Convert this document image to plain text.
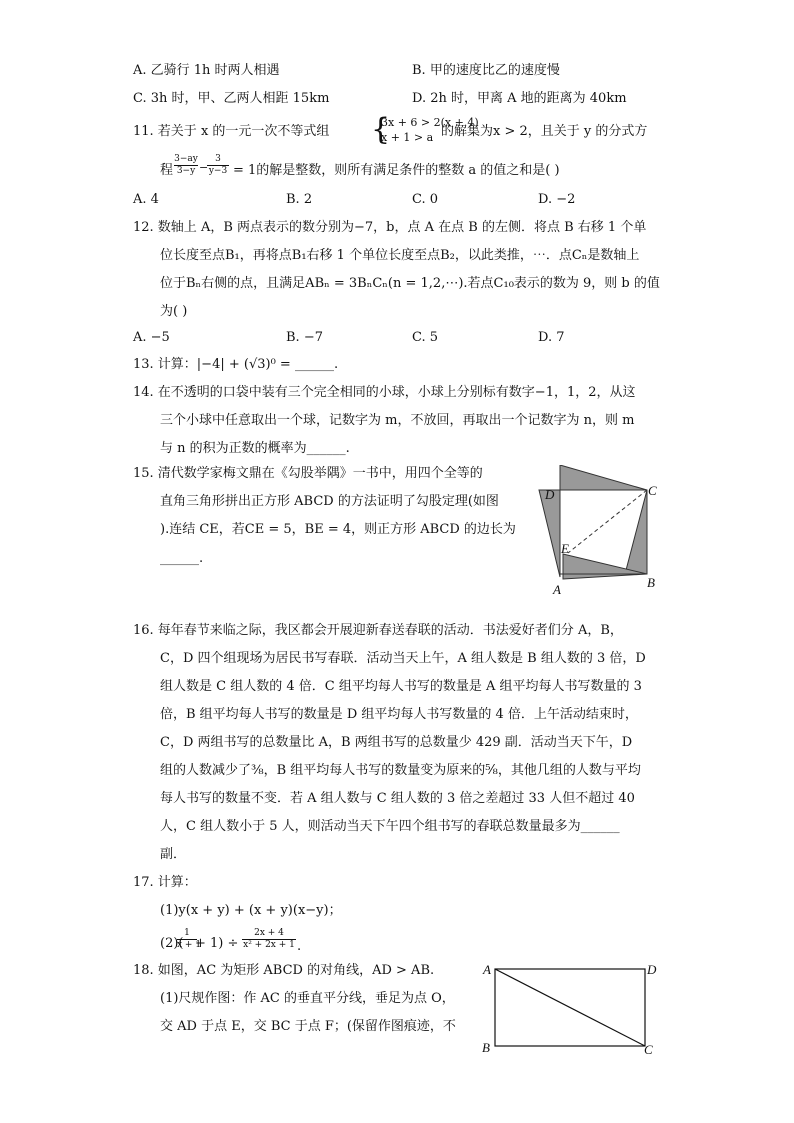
A. 乙骑行 1h 时两人相遇	B. 甲的速度比乙的速度慢
C. 3h 时，甲、乙两人相距 15km	D. 2h 时，甲离 A 地的距离为 40km
11. 若关于 x 的一元一次不等式组	的解集为x > 2，且关于 y 的分式方
程	= 1的解是整数，则所有满足条件的整数 a 的值之和是( )
A. 4	B. 2	C. 0	D. −2
12. 数轴上 A，B 两点表示的数分别为−7，b，点 A 在点 B 的左侧．将点 B 右移 1 个单
位长度至点B₁，再将点B₁右移 1 个单位长度至点B₂，以此类推，⋯．点Cₙ是数轴上
位于Bₙ右侧的点，且满足ABₙ = 3BₙCₙ(n = 1,2,⋯).若点C₁₀表示的数为 9，则 b 的值
为( )
A. −5	B. −7	C. 5	D. 7
13. 计算：|−4| + (√3)⁰ = ______.
14. 在不透明的口袋中装有三个完全相同的小球，小球上分别标有数字−1，1，2，从这
三个小球中任意取出一个球，记数字为 m，不放回，再取出一个记数字为 n，则 m
与 n 的积为正数的概率为______.
15. 清代数学家梅文鼎在《勾股举隅》一书中，用四个全等的
直角三角形拼出正方形 ABCD 的方法证明了勾股定理(如图
).连结 CE，若CE = 5，BE = 4，则正方形 ABCD 的边长为
______.
16. 每年春节来临之际，我区都会开展迎新春送春联的活动．书法爱好者们分 A，B，
C，D 四个组现场为居民书写春联．活动当天上午，A 组人数是 B 组人数的 3 倍，D
组人数是 C 组人数的 4 倍．C 组平均每人书写的数量是 A 组平均每人书写数量的 3
倍，B 组平均每人书写的数量是 D 组平均每人书写数量的 4 倍．上午活动结束时，
C，D 两组书写的总数量比 A，B 两组书写的总数量少 429 副．活动当天下午，D
组的人数减少了⅜，B 组平均每人书写的数量变为原来的⅝，其他几组的人数与平均
每人书写的数量不变．若 A 组人数与 C 组人数的 3 倍之差超过 33 人但不超过 40
人，C 组人数小于 5 人，则活动当天下午四个组书写的春联总数量最多为______
副．
17. 计算：
(1)y(x + y) + (x + y)(x−y)；
(2)( + 1) ÷
18. 如图，AC 为矩形 ABCD 的对角线，AD > AB.
(1)尺规作图：作 AC 的垂直平分线，垂足为点 O，
交 AD 于点 E，交 BC 于点 F；(保留作图痕迹，不
{
3x + 6 > 2(x + 4)
x + 1 > a
3−ay
3−y −
3
y−3
1
x + 1
2x + 4
x² + 2x + 1 .
D	C
E
A	B
A	D
B	C
